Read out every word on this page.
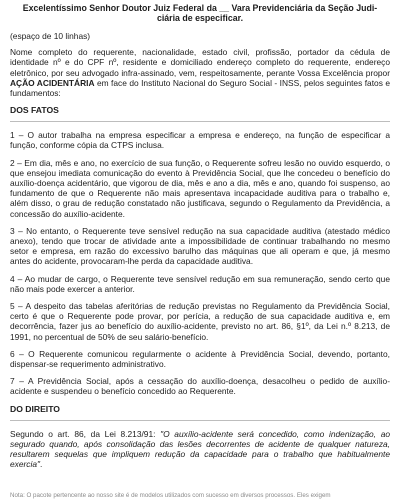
Excelentíssimo Senhor Doutor Juiz Federal da __ Vara Previdenciária da Seção Judi-
ciária de especificar.

(espaço de 10 linhas)

Nome completo do requerente, nacionalidade, estado civil, profissão, portador da cédula de identidade nº e do CPF nº, residente e domiciliado endereço completo do requerente, endereço eletrônico, por seu advogado infra-assinado, vem, respeitosamente, perante Vossa Excelência propor AÇÃO ACIDENTÁRIA em face do Instituto Nacional do Seguro Social - INSS, pelos seguintes fatos e fundamentos:

DOS FATOS

1 – O autor trabalha na empresa especificar a empresa e endereço, na função de especificar a função, conforme cópia da CTPS inclusa.

2 – Em dia, mês e ano, no exercício de sua função, o Requerente sofreu lesão no ouvido esquerdo, o que ensejou imediata comunicação do evento à Previdência Social, que lhe concedeu o benefício do auxílio-doença acidentário, que vigorou de dia, mês e ano a dia, mês e ano, quando foi suspenso, ao fundamento de que o Requerente não mais apresentava incapacidade auditiva para o trabalho e, além disso, o grau de redução constatado não justificava, segundo o Regulamento da Previdência, a concessão do auxílio-acidente.

3 – No entanto, o Requerente teve sensível redução na sua capacidade auditiva (atestado médico anexo), tendo que trocar de atividade ante a impossibilidade de continuar trabalhando no mesmo setor e empresa, em razão do excessivo barulho das máquinas que ali operam e que, já mesmo antes do acidente, provocaram-lhe perda da capacidade auditiva.

4 – Ao mudar de cargo, o Requerente teve sensível redução em sua remuneração, sendo certo que não mais pode exercer a anterior.

5 – A despeito das tabelas aferitórias de redução previstas no Regulamento da Previdência Social, certo é que o Requerente pode provar, por perícia, a redução de sua capacidade auditiva e, em decorrência, fazer jus ao benefício do auxílio-acidente, previsto no art. 86, §1º, da Lei n.º 8.213, de 1991, no percentual de 50% de seu salário-benefício.

6 – O Requerente comunicou regularmente o acidente à Previdência Social, devendo, portanto, dispensar-se requerimento administrativo.

7 – A Previdência Social, após a cessação do auxílio-doença, desacolheu o pedido de auxílio-acidente e suspendeu o benefício concedido ao Requerente.

DO DIREITO

Segundo o art. 86, da Lei 8.213/91: "O auxílio-acidente será concedido, como indenização, ao segurado quando, após consolidação das lesões decorrentes de acidente de qualquer natureza, resultarem sequelas que impliquem redução da capacidade para o trabalho que habitualmente exercia".

Nota: O pacote pertencente ao nosso site é de modelos utilizados com sucesso em diversos processos. Eles exigem
